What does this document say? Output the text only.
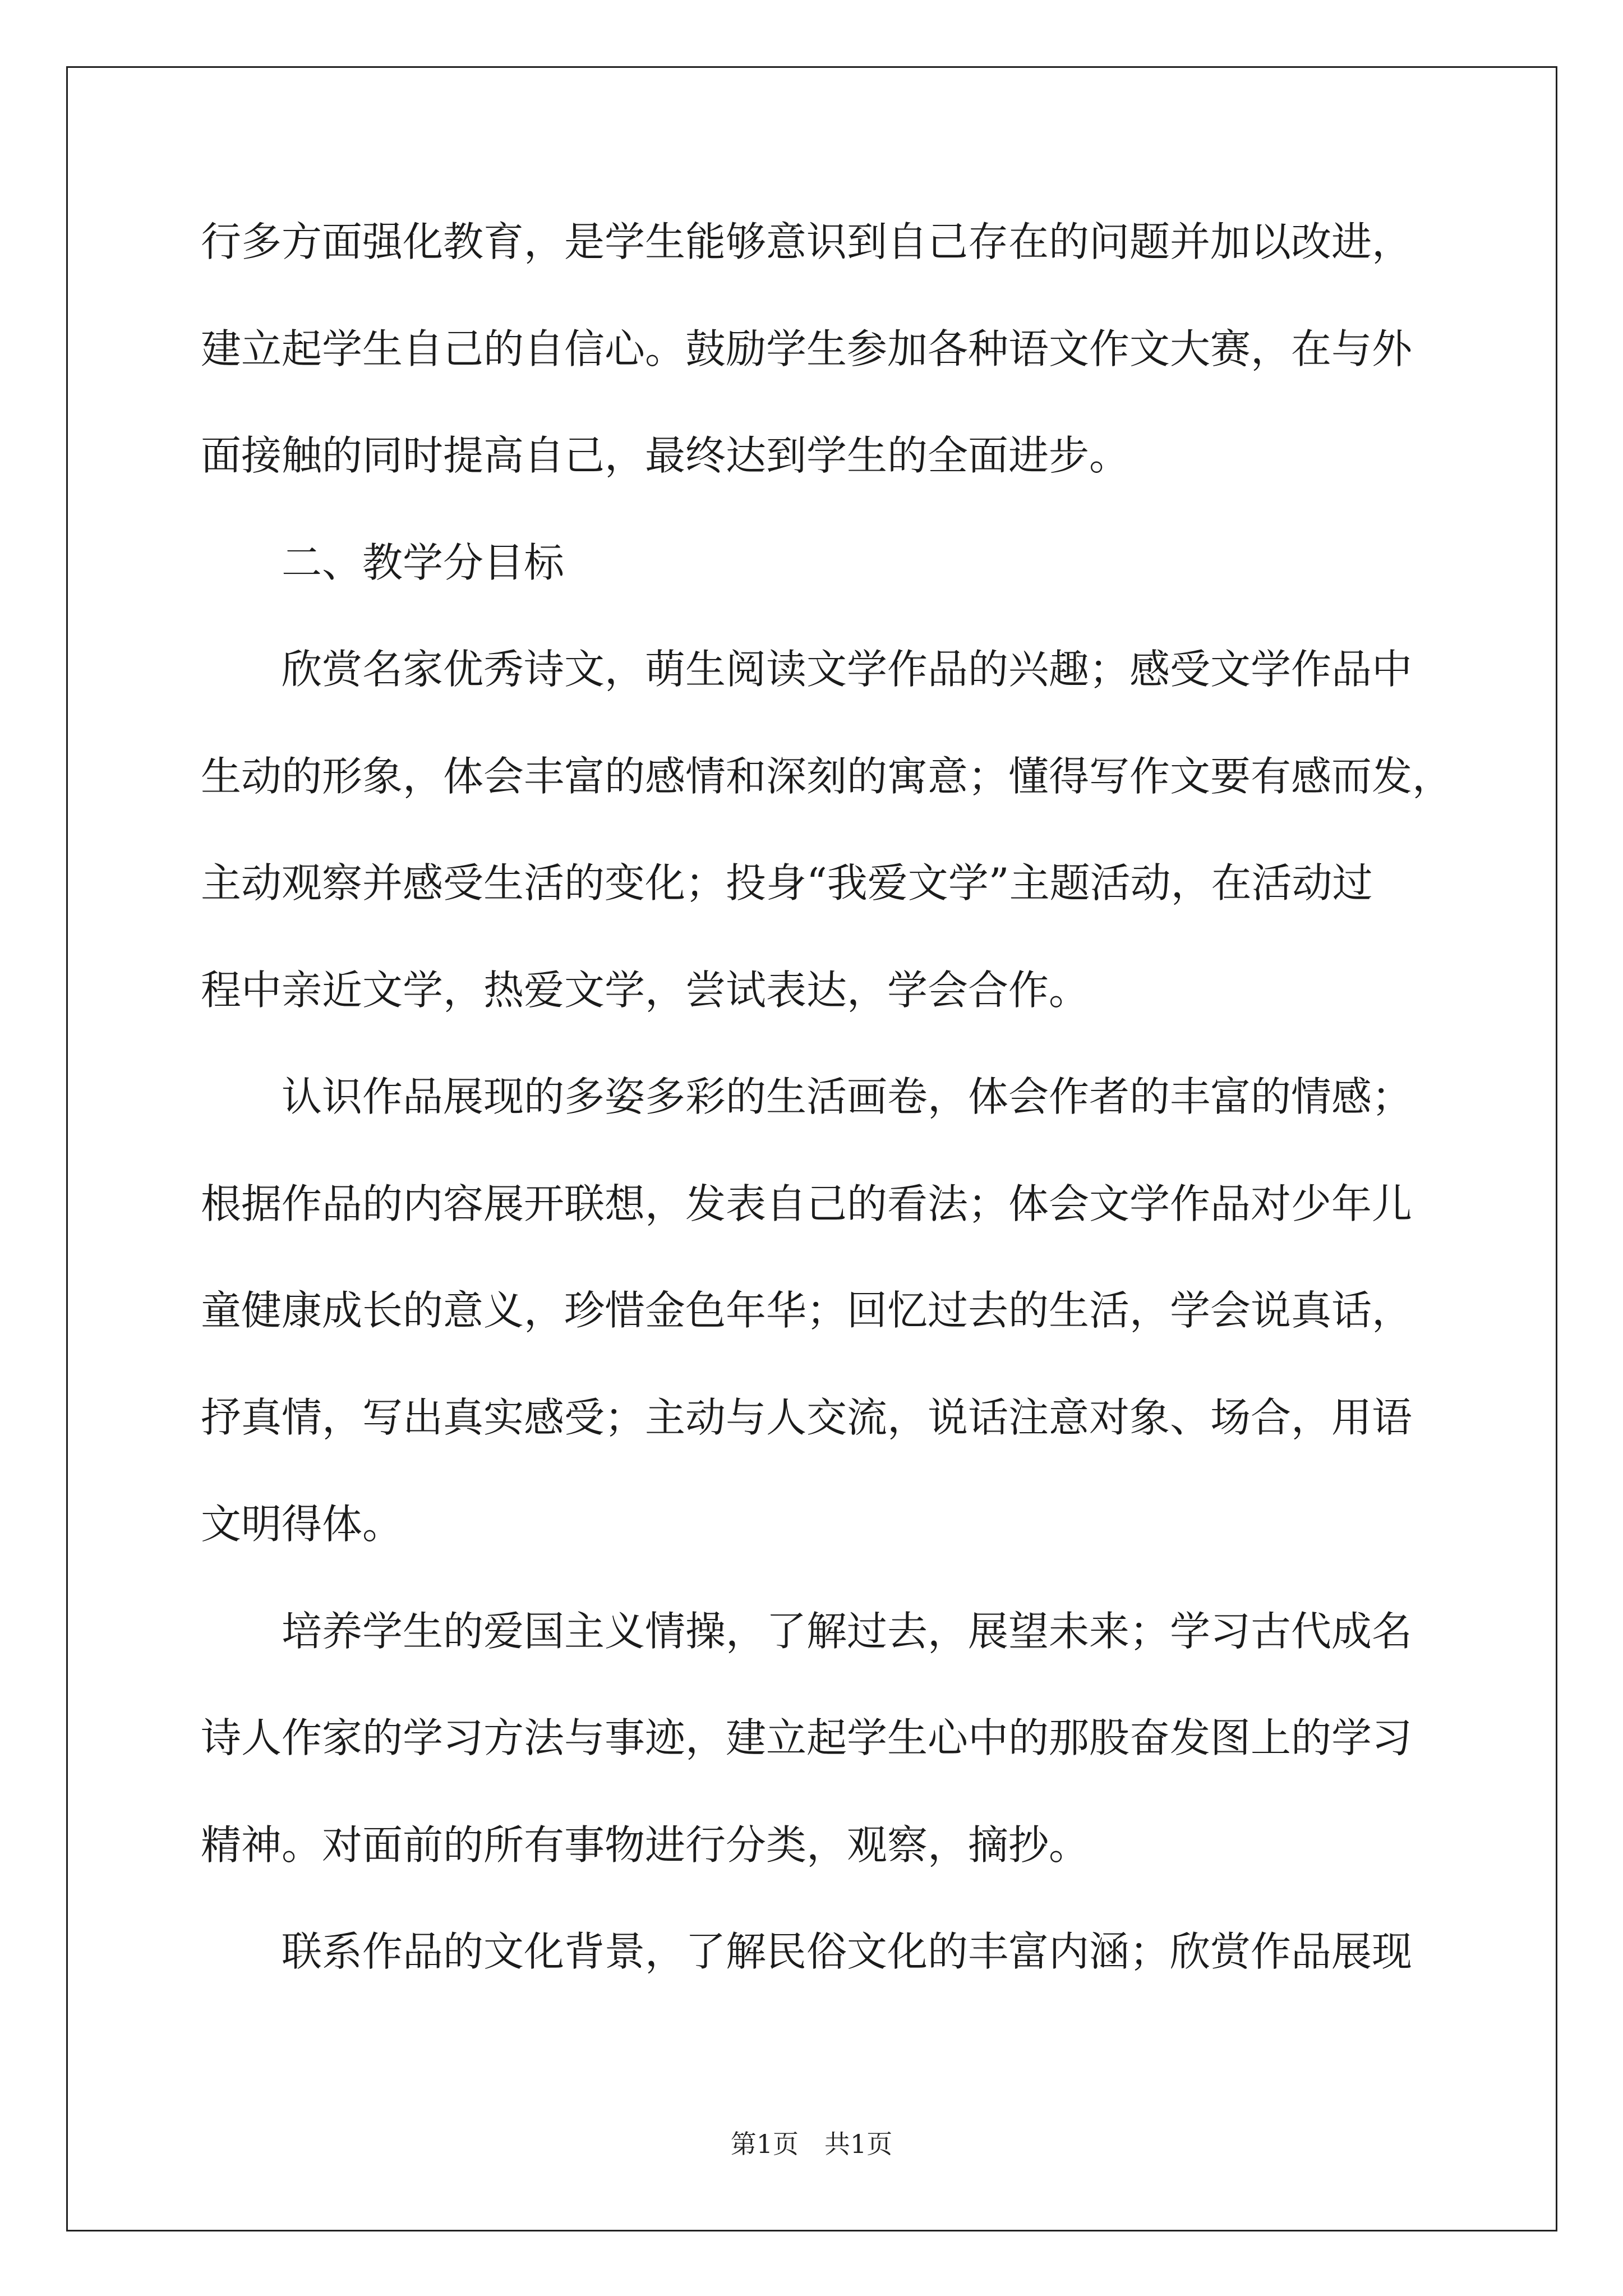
行多方面强化教育，是学生能够意识到自己存在的问题并加以改进，
建立起学生自己的自信心。鼓励学生参加各种语文作文大赛，在与外
面接触的同时提高自己，最终达到学生的全面进步。
二、教学分目标
欣赏名家优秀诗文，萌生阅读文学作品的兴趣；感受文学作品中
生动的形象，体会丰富的感情和深刻的寓意；懂得写作文要有感而发，
主动观察并感受生活的变化；投身“我爱文学”主题活动，在活动过
程中亲近文学，热爱文学，尝试表达，学会合作。
认识作品展现的多姿多彩的生活画卷，体会作者的丰富的情感；
根据作品的内容展开联想，发表自己的看法；体会文学作品对少年儿
童健康成长的意义，珍惜金色年华；回忆过去的生活，学会说真话，
抒真情，写出真实感受；主动与人交流，说话注意对象、场合，用语
文明得体。
培养学生的爱国主义情操，了解过去，展望未来；学习古代成名
诗人作家的学习方法与事迹，建立起学生心中的那股奋发图上的学习
精神。对面前的所有事物进行分类，观察，摘抄。
联系作品的文化背景，了解民俗文化的丰富内涵；欣赏作品展现
第1页 共1页
